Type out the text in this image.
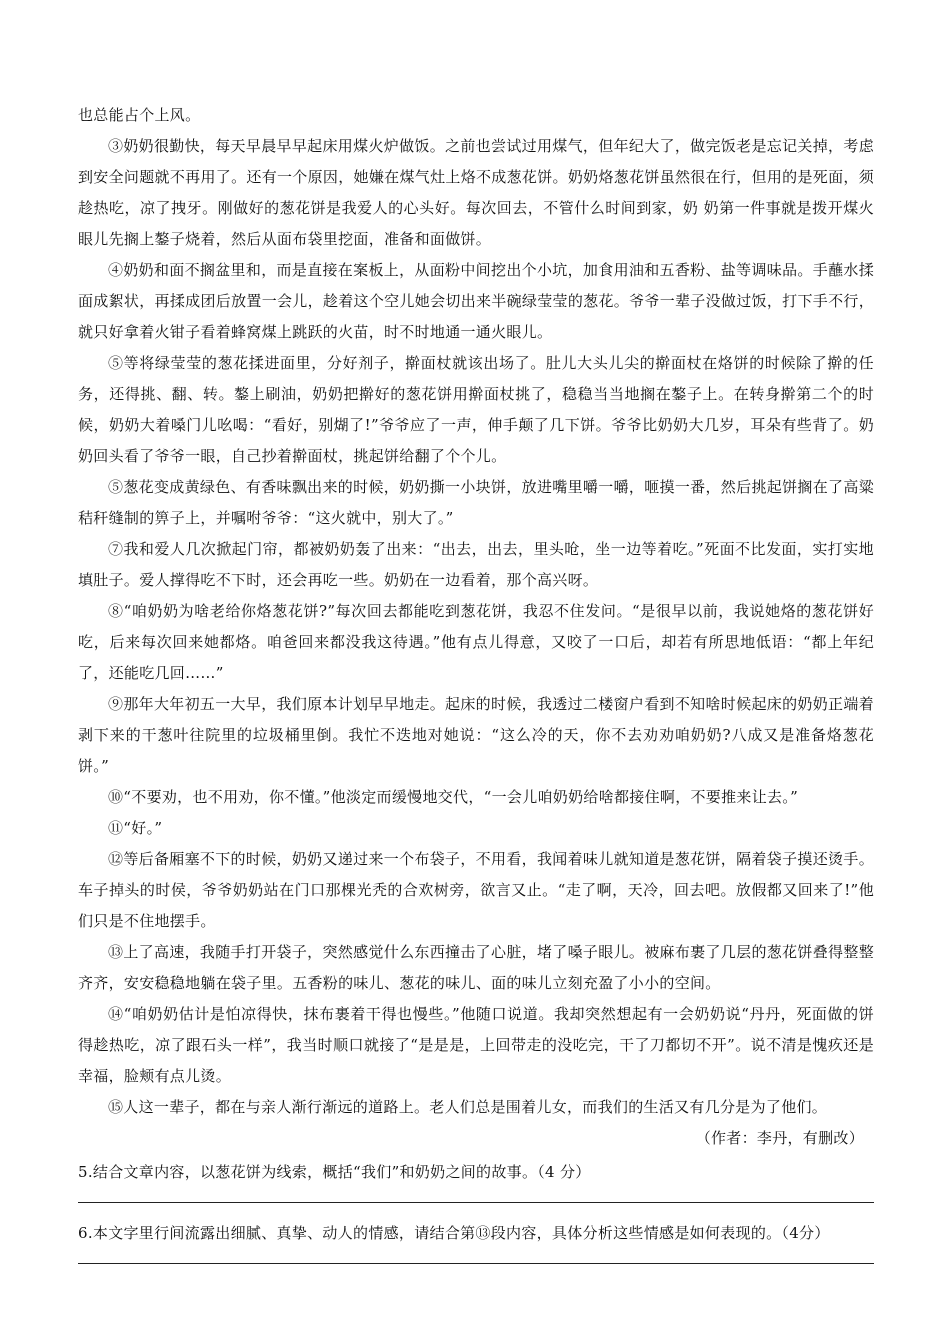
也总能占个上风。

③奶奶很勤快，每天早晨早早起床用煤火炉做饭。之前也尝试过用煤气，但年纪大了，做完饭老是忘记关掉，考虑到安全问题就不再用了。还有一个原因，她嫌在煤气灶上烙不成葱花饼。奶奶烙葱花饼虽然很在行，但用的是死面，须趁热吃，凉了拽牙。刚做好的葱花饼是我爱人的心头好。每次回去，不管什么时间到家，奶 奶第一件事就是拨开煤火眼儿先搁上鏊子烧着，然后从面布袋里挖面，准备和面做饼。

④奶奶和面不搁盆里和，而是直接在案板上，从面粉中间挖出个小坑，加食用油和五香粉、盐等调味品。手蘸水揉面成絮状，再揉成团后放置一会儿，趁着这个空儿她会切出来半碗绿莹莹的葱花。爷爷一辈子没做过饭，打下手不行，就只好拿着火钳子看着蜂窝煤上跳跃的火苗，时不时地通一通火眼儿。

⑤等将绿莹莹的葱花揉进面里，分好剂子，擀面杖就该出场了。肚儿大头儿尖的擀面杖在烙饼的时候除了擀的任务，还得挑、翻、转。鏊上刷油，奶奶把擀好的葱花饼用擀面杖挑了，稳稳当当地搁在鏊子上。在转身擀第二个的时候，奶奶大着嗓门儿吆喝：“看好，别煳了!”爷爷应了一声，伸手颠了几下饼。爷爷比奶奶大几岁，耳朵有些背了。奶奶回头看了爷爷一眼，自己抄着擀面杖，挑起饼给翻了个个儿。

⑤葱花变成黄绿色、有香味飘出来的时候，奶奶撕一小块饼，放进嘴里嚼一嚼，咂摸一番，然后挑起饼搁在了高粱秸秆缝制的箅子上，并嘱咐爷爷：“这火就中，别大了。”

⑦我和爱人几次掀起门帘，都被奶奶轰了出来：“出去，出去，里头呛，坐一边等着吃。”死面不比发面，实打实地填肚子。爱人撑得吃不下时，还会再吃一些。奶奶在一边看着，那个高兴呀。

⑧“咱奶奶为啥老给你烙葱花饼?”每次回去都能吃到葱花饼，我忍不住发问。“是很早以前，我说她烙的葱花饼好吃，后来每次回来她都烙。咱爸回来都没我这待遇。”他有点儿得意，又咬了一口后，却若有所思地低语：“都上年纪了，还能吃几回……”

⑨那年大年初五一大早，我们原本计划早早地走。起床的时候，我透过二楼窗户看到不知啥时候起床的奶奶正端着剥下来的干葱叶往院里的垃圾桶里倒。我忙不迭地对她说：“这么冷的天，你不去劝劝咱奶奶?八成又是准备烙葱花饼。”

⑩“不要劝，也不用劝，你不懂。”他淡定而缓慢地交代，“一会儿咱奶奶给啥都接住啊，不要推来让去。”

⑪“好。”

⑫等后备厢塞不下的时候，奶奶又递过来一个布袋子，不用看，我闻着味儿就知道是葱花饼，隔着袋子摸还烫手。车子掉头的时侯，爷爷奶奶站在门口那棵光秃的合欢树旁，欲言又止。“走了啊，天冷，回去吧。放假都又回来了!”他们只是不住地摆手。

⑬上了高速，我随手打开袋子，突然感觉什么东西撞击了心脏，堵了嗓子眼儿。被麻布裹了几层的葱花饼叠得整整齐齐，安安稳稳地躺在袋子里。五香粉的味儿、葱花的味儿、面的味儿立刻充盈了小小的空间。

⑭“咱奶奶估计是怕凉得快，抹布裹着干得也慢些。”他随口说道。我却突然想起有一会奶奶说“丹丹，死面做的饼得趁热吃，凉了跟石头一样”，我当时顺口就接了“是是是，上回带走的没吃完，干了刀都切不开”。说不清是愧疚还是幸福，脸颊有点儿烫。

⑮人这一辈子，都在与亲人渐行渐远的道路上。老人们总是围着儿女，而我们的生活又有几分是为了他们。

（作者：李丹，有删改）

5.结合文章内容，以葱花饼为线索，概括“我们”和奶奶之间的故事。（4 分）

6.本文字里行间流露出细腻、真挚、动人的情感，请结合第⑬段内容，具体分析这些情感是如何表现的。（4分）
